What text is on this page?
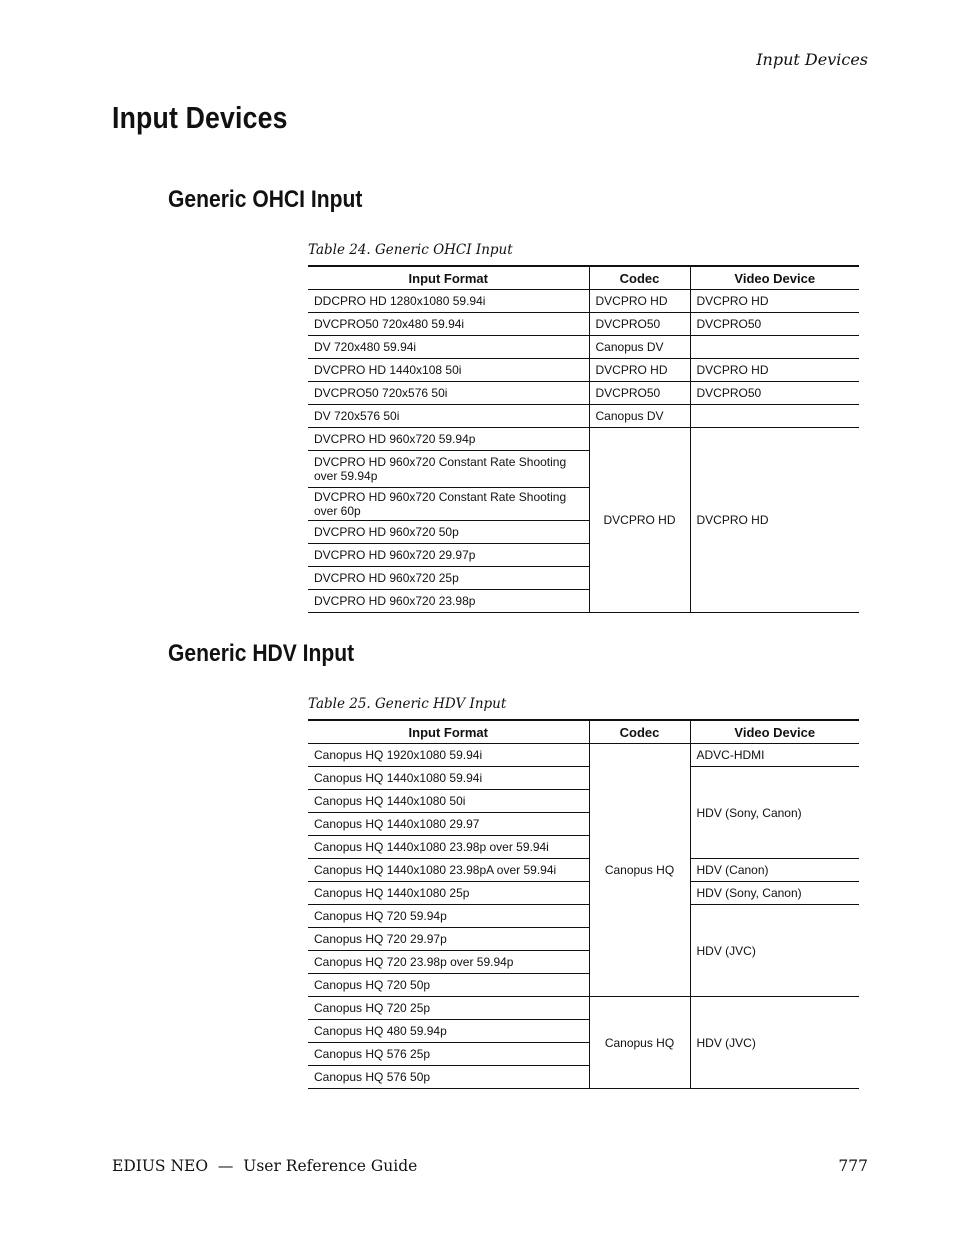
Input Devices
Input Devices
Generic OHCI Input
Table 24. Generic OHCI Input
Input Format	Codec	Video Device
DDCPRO HD 1280x1080 59.94i	DVCPRO HD	DVCPRO HD
DVCPRO50 720x480 59.94i	DVCPRO50	DVCPRO50
DV 720x480 59.94i	Canopus DV	
DVCPRO HD 1440x108 50i	DVCPRO HD	DVCPRO HD
DVCPRO50 720x576 50i	DVCPRO50	DVCPRO50
DV 720x576 50i	Canopus DV	
DVCPRO HD 960x720 59.94p	DVCPRO HD	DVCPRO HD
DVCPRO HD 960x720 Constant Rate Shooting over 59.94p		
DVCPRO HD 960x720 Constant Rate Shooting over 60p		
DVCPRO HD 960x720 50p		
DVCPRO HD 960x720 29.97p		
DVCPRO HD 960x720 25p		
DVCPRO HD 960x720 23.98p		
Generic HDV Input
Table 25. Generic HDV Input
Input Format	Codec	Video Device
Canopus HQ 1920x1080 59.94i	Canopus HQ	ADVC-HDMI
Canopus HQ 1440x1080 59.94i		HDV (Sony, Canon)
Canopus HQ 1440x1080 50i		
Canopus HQ 1440x1080 29.97		
Canopus HQ 1440x1080 23.98p over 59.94i		
Canopus HQ 1440x1080 23.98pA over 59.94i		HDV (Canon)
Canopus HQ 1440x1080 25p		HDV (Sony, Canon)
Canopus HQ 720 59.94p		HDV (JVC)
Canopus HQ 720 29.97p		
Canopus HQ 720 23.98p over 59.94p		
Canopus HQ 720 50p		
Canopus HQ 720 25p	Canopus HQ	HDV (JVC)
Canopus HQ 480 59.94p		
Canopus HQ 576 25p		
Canopus HQ 576 50p		
EDIUS NEO — User Reference Guide	777
